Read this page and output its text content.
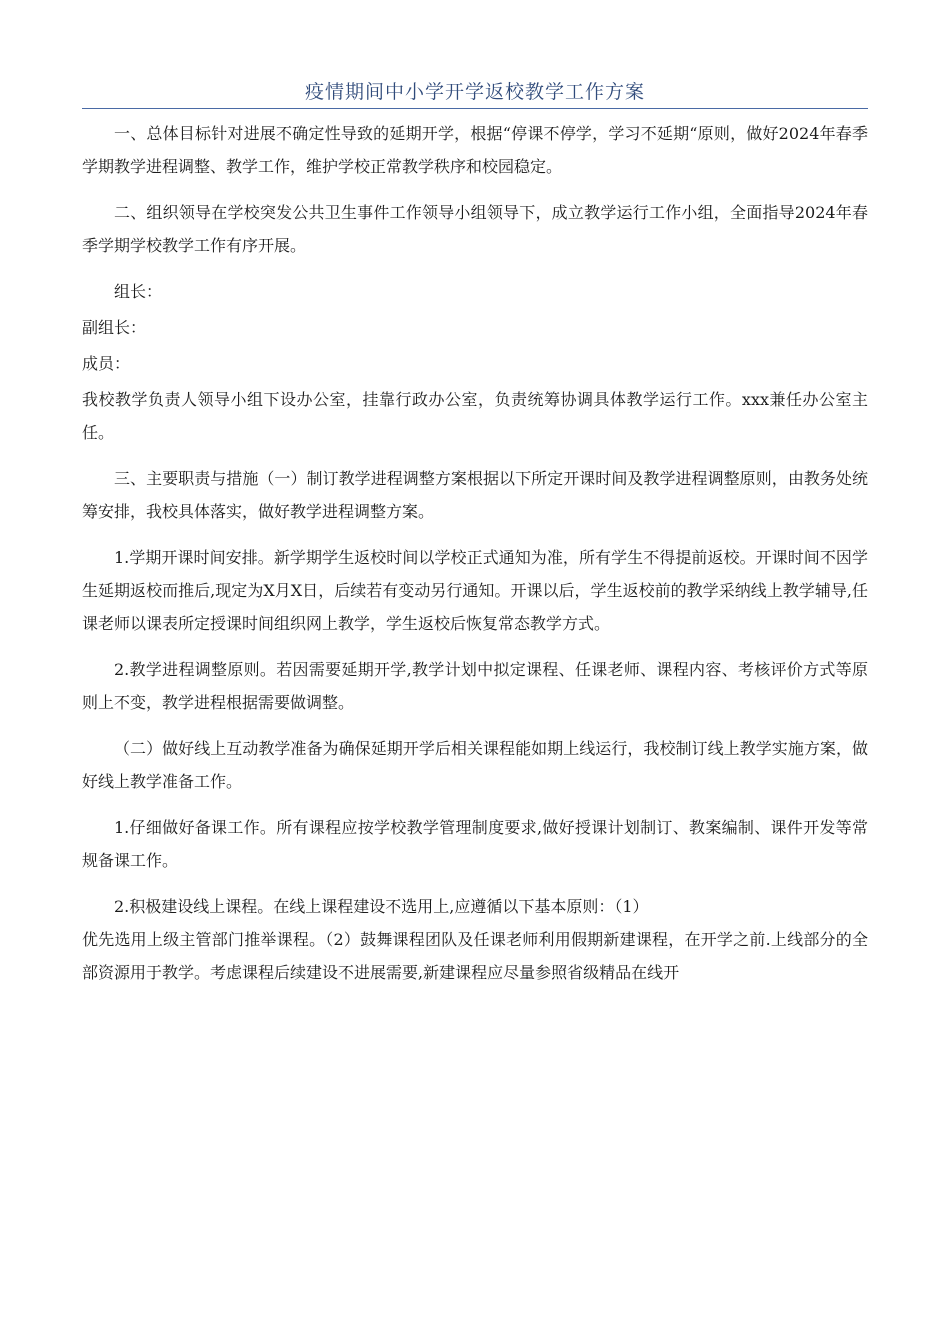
疫情期间中小学开学返校教学工作方案

一、总体目标针对进展不确定性导致的延期开学，根据“停课不停学，学习不延期“原则，做好2024年春季学期教学进程调整、教学工作，维护学校正常教学秩序和校园稳定。

二、组织领导在学校突发公共卫生事件工作领导小组领导下，成立教学运行工作小组，全面指导2024年春季学期学校教学工作有序开展。

组长：

副组长：

成员：

我校教学负责人领导小组下设办公室，挂靠行政办公室，负责统筹协调具体教学运行工作。xxx兼任办公室主任。

三、主要职责与措施（一）制订教学进程调整方案根据以下所定开课时间及教学进程调整原则，由教务处统筹安排，我校具体落实，做好教学进程调整方案。

1.学期开课时间安排。新学期学生返校时间以学校正式通知为准，所有学生不得提前返校。开课时间不因学生延期返校而推后,现定为X月X日，后续若有变动另行通知。开课以后，学生返校前的教学采纳线上教学辅导,任课老师以课表所定授课时间组织网上教学，学生返校后恢复常态教学方式。

2.教学进程调整原则。若因需要延期开学,教学计划中拟定课程、任课老师、课程内容、考核评价方式等原则上不变，教学进程根据需要做调整。

（二）做好线上互动教学准备为确保延期开学后相关课程能如期上线运行，我校制订线上教学实施方案，做好线上教学准备工作。

1.仔细做好备课工作。所有课程应按学校教学管理制度要求,做好授课计划制订、教案编制、课件开发等常规备课工作。

2.积极建设线上课程。在线上课程建设不选用上,应遵循以下基本原则：（1）

优先选用上级主管部门推举课程。（2）鼓舞课程团队及任课老师利用假期新建课程，在开学之前.上线部分的全部资源用于教学。考虑课程后续建设不进展需要,新建课程应尽量参照省级精品在线开
